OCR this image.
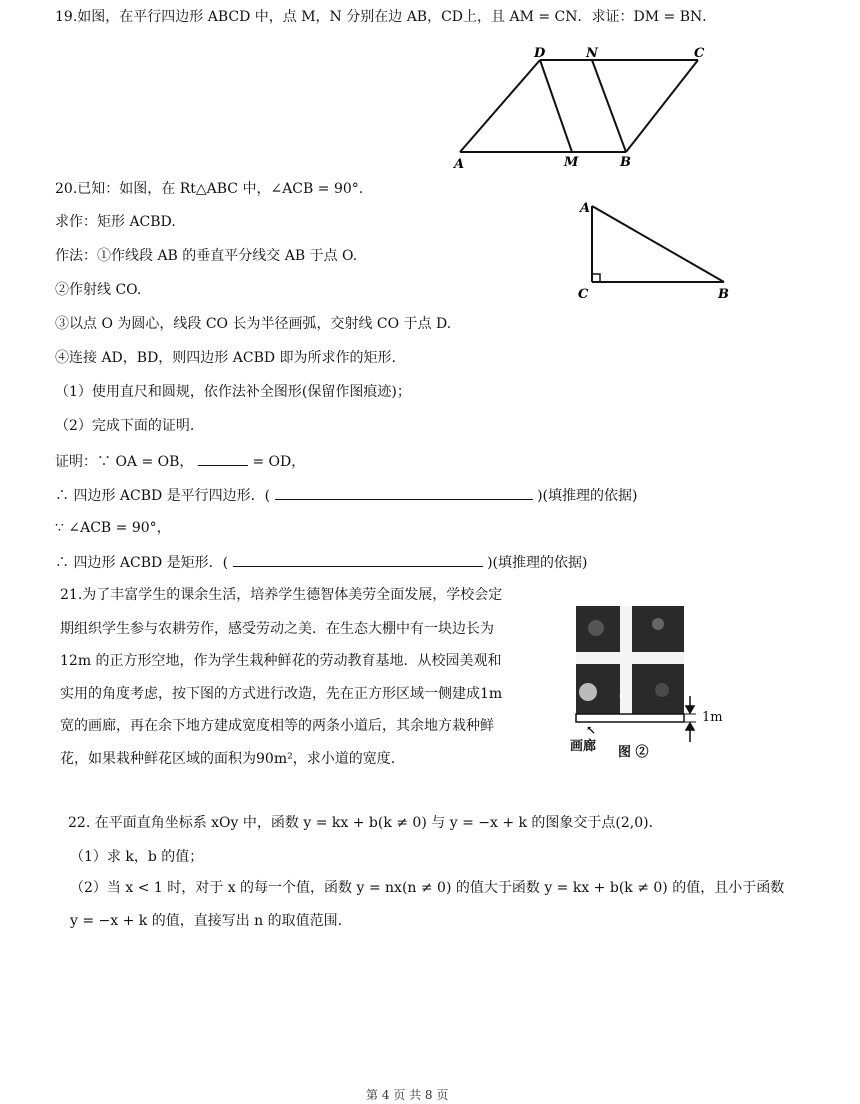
19.如图，在平行四边形 ABCD 中，点 M，N 分别在边 AB，CD上，且 AM = CN．求证：DM = BN．
A	M	B
D	N	C
20.已知：如图，在 Rt△ABC 中，∠ACB = 90°.
求作：矩形 ACBD.
作法：①作线段 AB 的垂直平分线交 AB 于点 O.
②作射线 CO.
③以点 O 为圆心，线段 CO 长为半径画弧，交射线 CO 于点 D.
④连接 AD，BD，则四边形 ACBD 即为所求作的矩形.
（1）使用直尺和圆规，依作法补全图形(保留作图痕迹)；
（2）完成下面的证明.
证明：∵ OA = OB，	= OD，
∴ 四边形 ACBD 是平行四边形．(	)(填推理的依据)
∵ ∠ACB = 90°，
∴ 四边形 ACBD 是矩形．(	)(填推理的依据)
A
C	B
21.为了丰富学生的课余生活，培养学生德智体美劳全面发展，学校会定
期组织学生参与农耕劳作，感受劳动之美．在生态大棚中有一块边长为
12m 的正方形空地，作为学生栽种鲜花的劳动教育基地．从校园美观和
实用的角度考虑，按下图的方式进行改造，先在正方形区域一侧建成1m
宽的画廊，再在余下地方建成宽度相等的两条小道后，其余地方栽种鲜
花，如果栽种鲜花区域的面积为90m²，求小道的宽度.
↖
1m
画廊 图 ②
22. 在平面直角坐标系 xOy 中，函数 y = kx + b(k ≠ 0) 与 y = −x + k 的图象交于点(2,0)．
（1）求 k，b 的值；
（2）当 x < 1 时，对于 x 的每一个值，函数 y = nx(n ≠ 0) 的值大于函数 y = kx + b(k ≠ 0) 的值，且小于函数
y = −x + k 的值，直接写出 n 的取值范围.
第 4 页 共 8 页
